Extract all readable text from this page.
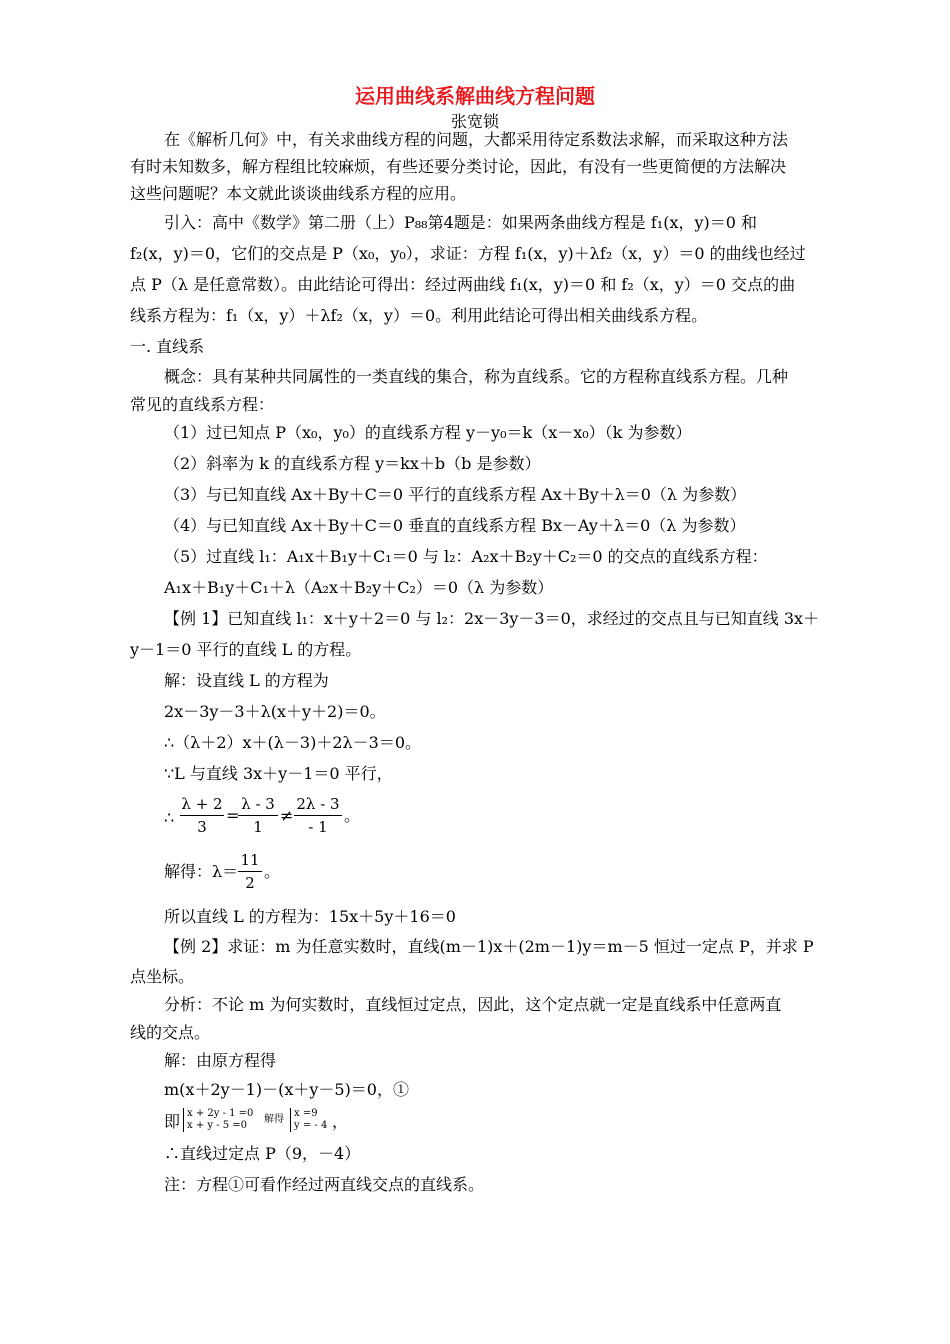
运用曲线系解曲线方程问题
张宽锁
在《解析几何》中，有关求曲线方程的问题，大都采用待定系数法求解，而采取这种方法
有时未知数多，解方程组比较麻烦，有些还要分类讨论，因此，有没有一些更简便的方法解决
这些问题呢？本文就此谈谈曲线系方程的应用。
引入：高中《数学》第二册（上）P₈₈第4题是：如果两条曲线方程是 f₁(x，y)＝0 和
f₂(x，y)＝0，它们的交点是 P（x₀，y₀），求证：方程 f₁(x，y)＋λf₂（x，y）＝0 的曲线也经过
点 P（λ 是任意常数）。由此结论可得出：经过两曲线 f₁(x，y)＝0 和 f₂（x，y）＝0 交点的曲
线系方程为：f₁（x，y）＋λf₂（x，y）＝0。利用此结论可得出相关曲线系方程。
一. 直线系
概念：具有某种共同属性的一类直线的集合，称为直线系。它的方程称直线系方程。几种
常见的直线系方程：
（1）过已知点 P（x₀，y₀）的直线系方程 y－y₀＝k（x－x₀）（k 为参数）
（2）斜率为 k 的直线系方程 y＝kx＋b（b 是参数）
（3）与已知直线 Ax＋By＋C＝0 平行的直线系方程 Ax＋By＋λ＝0（λ 为参数）
（4）与已知直线 Ax＋By＋C＝0 垂直的直线系方程 Bx－Ay＋λ＝0（λ 为参数）
（5）过直线 l₁：A₁x＋B₁y＋C₁＝0 与 l₂：A₂x＋B₂y＋C₂＝0 的交点的直线系方程：
A₁x＋B₁y＋C₁＋λ（A₂x＋B₂y＋C₂）＝0（λ 为参数）
【例 1】已知直线 l₁：x＋y＋2＝0 与 l₂：2x－3y－3＝0，求经过的交点且与已知直线 3x＋
y－1＝0 平行的直线 L 的方程。
解：设直线 L 的方程为
2x－3y－3＋λ(x＋y＋2)＝0。
∴（λ＋2）x＋(λ－3)＋2λ－3＝0。
∵L 与直线 3x＋y－1＝0 平行，
∴
λ + 2
3
=
λ - 3
1
≠
2λ - 3
- 1
。
解得：λ＝
11
2
。
所以直线 L 的方程为：15x＋5y＋16＝0
【例 2】求证：m 为任意实数时，直线(m－1)x＋(2m－1)y＝m－5 恒过一定点 P，并求 P
点坐标。
分析：不论 m 为何实数时，直线恒过定点，因此，这个定点就一定是直线系中任意两直
线的交点。
解：由原方程得
m(x＋2y－1)－(x＋y－5)＝0，①
即 x + 2y - 1 =0
x + y - 5 =0
解得
x =9
y = - 4 ，
∴直线过定点 P（9，－4）
注：方程①可看作经过两直线交点的直线系。
